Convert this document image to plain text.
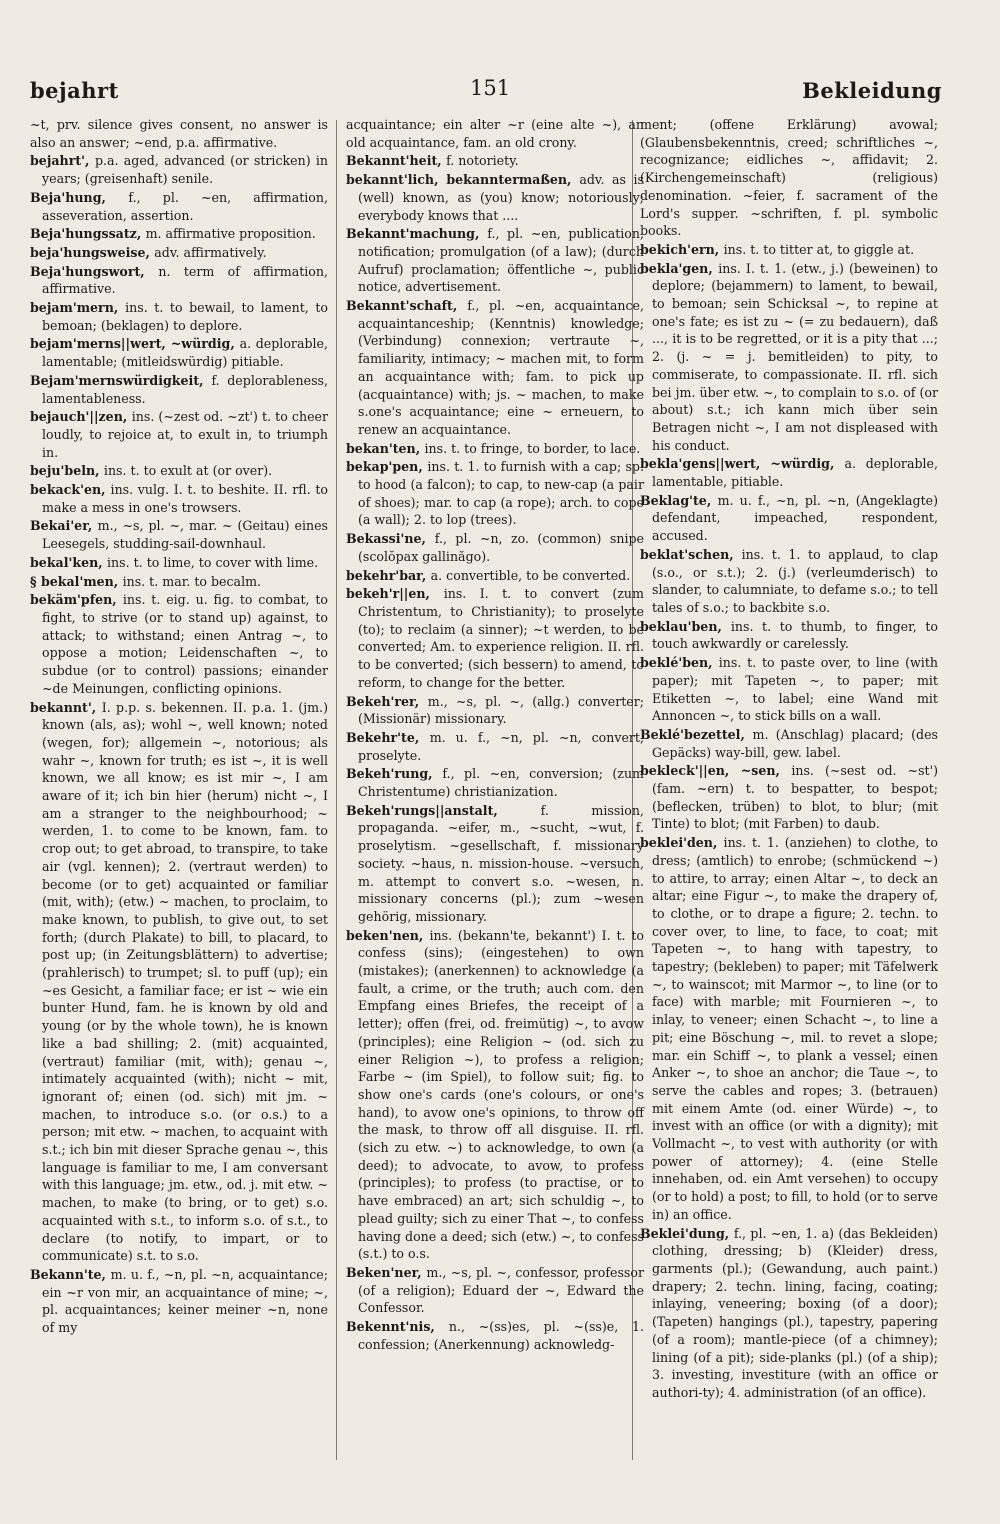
bejahrt	151	Bekleidung
~t, prv. silence gives consent, no answer is also an answer; ~end, p.a. affirmative.
bejahrt', p.a. aged, advanced (or stricken) in years; (greisenhaft) senile.
Beja'hung, f., pl. ~en, affirmation, asseveration, assertion.
Beja'hungssatz, m. affirmative proposition.
beja'hungsweise, adv. affirmatively.
Beja'hungswort, n. term of affirmation, affirmative.
bejam'mern, ins. t. to bewail, to lament, to bemoan; (beklagen) to deplore.
bejam'merns||wert, ~würdig, a. deplorable, lamentable; (mitleidswürdig) pitiable.
Bejam'mernswürdigkeit, f. deplorableness, lamentableness.
bejauch'||zen, ins. (~zest od. ~zt') t. to cheer loudly, to rejoice at, to exult in, to triumph in.
beju'beln, ins. t. to exult at (or over).
bekack'en, ins. vulg. I. t. to beshite. II. rfl. to make a mess in one's trowsers.
Bekai'er, m., ~s, pl. ~, mar. ~ (Geitau) eines Leesegels, studding-sail-downhaul.
bekal'ken, ins. t. to lime, to cover with lime.
§ bekal'men, ins. t. mar. to becalm.
bekäm'pfen, ins. t. eig. u. fig. to combat, to fight, to strive (or to stand up) against, to attack; to withstand; einen Antrag ~, to oppose a motion; Leidenschaften ~, to subdue (or to control) passions; einander ~de Meinungen, conflicting opinions.
bekannt', I. p.p. s. bekennen. II. p.a. 1. (jm.) known (als, as); wohl ~, well known; noted (wegen, for); allgemein ~, notorious; als wahr ~, known for truth; es ist ~, it is well known, we all know; es ist mir ~, I am aware of it; ich bin hier (herum) nicht ~, I am a stranger to the neighbourhood; ~ werden, 1. to come to be known, fam. to crop out; to get abroad, to transpire, to take air (vgl. kennen); 2. (vertraut werden) to become (or to get) acquainted or familiar (mit, with); (etw.) ~ machen, to proclaim, to make known, to publish, to give out, to set forth; (durch Plakate) to bill, to placard, to post up; (in Zeitungsblättern) to advertise; (prahlerisch) to trumpet; sl. to puff (up); ein ~es Gesicht, a familiar face; er ist ~ wie ein bunter Hund, fam. he is known by old and young (or by the whole town), he is known like a bad shilling; 2. (mit) acquainted, (vertraut) familiar (mit, with); genau ~, intimately acquainted (with); nicht ~ mit, ignorant of; einen (od. sich) mit jm. ~ machen, to introduce s.o. (or o.s.) to a person; mit etw. ~ machen, to acquaint with s.t.; ich bin mit dieser Sprache genau ~, this language is familiar to me, I am conversant with this language; jm. etw., od. j. mit etw. ~ machen, to make (to bring, or to get) s.o. acquainted with s.t., to inform s.o. of s.t., to declare (to notify, to impart, or to communicate) s.t. to s.o.
Bekann'te, m. u. f., ~n, pl. ~n, acquaintance; ein ~r von mir, an acquaintance of mine; ~, pl. acquaintances; keiner meiner ~n, none of my
acquaintance; ein alter ~r (eine alte ~), an old acquaintance, fam. an old crony.
Bekannt'heit, f. notoriety.
bekannt'lich, bekanntermaßen, adv. as is (well) known, as (you) know; notoriously; everybody knows that ....
Bekannt'machung, f., pl. ~en, publication, notification; promulgation (of a law); (durch Aufruf) proclamation; öffentliche ~, public notice, advertisement.
Bekannt'schaft, f., pl. ~en, acquaintance, acquaintanceship; (Kenntnis) knowledge; (Verbindung) connexion; vertraute ~, familiarity, intimacy; ~ machen mit, to form an acquaintance with; fam. to pick up (acquaintance) with; js. ~ machen, to make s.one's acquaintance; eine ~ erneuern, to renew an acquaintance.
bekan'ten, ins. t. to fringe, to border, to lace.
bekap'pen, ins. t. 1. to furnish with a cap; sp. to hood (a falcon); to cap, to new-cap (a pair of shoes); mar. to cap (a rope); arch. to cope (a wall); 2. to lop (trees).
Bekassi'ne, f., pl. ~n, zo. (common) snipe (scolŏpax gallinăgo).
bekehr'bar, a. convertible, to be converted.
bekeh'r||en, ins. I. t. to convert (zum Christentum, to Christianity); to proselyte (to); to reclaim (a sinner); ~t werden, to be converted; Am. to experience religion. II. rfl. to be converted; (sich bessern) to amend, to reform, to change for the better.
Bekeh'rer, m., ~s, pl. ~, (allg.) converter; (Missionär) missionary.
Bekehr'te, m. u. f., ~n, pl. ~n, convert, proselyte.
Bekeh'rung, f., pl. ~en, conversion; (zum Christentume) christianization.
Bekeh'rungs||anstalt, f. mission, propaganda. ~eifer, m., ~sucht, ~wut, f. proselytism. ~gesellschaft, f. missionary society. ~haus, n. mission-house. ~versuch, m. attempt to convert s.o. ~wesen, n. missionary concerns (pl.); zum ~wesen gehörig, missionary.
beken'nen, ins. (bekann'te, bekannt') I. t. to confess (sins); (eingestehen) to own (mistakes); (anerkennen) to acknowledge (a fault, a crime, or the truth; auch com. den Empfang eines Briefes, the receipt of a letter); offen (frei, od. freimütig) ~, to avow (principles); eine Religion ~ (od. sich zu einer Religion ~), to profess a religion; Farbe ~ (im Spiel), to follow suit; fig. to show one's cards (one's colours, or one's hand), to avow one's opinions, to throw off the mask, to throw off all disguise. II. rfl. (sich zu etw. ~) to acknowledge, to own (a deed); to advocate, to avow, to profess (principles); to profess (to practise, or to have embraced) an art; sich schuldig ~, to plead guilty; sich zu einer That ~, to confess having done a deed; sich (etw.) ~, to confess (s.t.) to o.s.
Beken'ner, m., ~s, pl. ~, confessor, professor (of a religion); Eduard der ~, Edward the Confessor.
Bekennt'nis, n., ~(ss)es, pl. ~(ss)e, 1. confession; (Anerkennung) acknowledg-
ment; (offene Erklärung) avowal; (Glaubensbekenntnis, creed; schriftliches ~, recognizance; eidliches ~, affidavit; 2. (Kirchengemeinschaft) (religious) denomination. ~feier, f. sacrament of the Lord's supper. ~schriften, f. pl. symbolic books.
bekich'ern, ins. t. to titter at, to giggle at.
bekla'gen, ins. I. t. 1. (etw., j.) (beweinen) to deplore; (bejammern) to lament, to bewail, to bemoan; sein Schicksal ~, to repine at one's fate; es ist zu ~ (= zu bedauern), daß ..., it is to be regretted, or it is a pity that ...; 2. (j. ~ = j. bemitleiden) to pity, to commiserate, to compassionate. II. rfl. sich bei jm. über etw. ~, to complain to s.o. of (or about) s.t.; ich kann mich über sein Betragen nicht ~, I am not displeased with his conduct.
bekla'gens||wert, ~würdig, a. deplorable, lamentable, pitiable.
Beklag'te, m. u. f., ~n, pl. ~n, (Angeklagte) defendant, impeached, respondent, accused.
beklat'schen, ins. t. 1. to applaud, to clap (s.o., or s.t.); 2. (j.) (verleumderisch) to slander, to calumniate, to defame s.o.; to tell tales of s.o.; to backbite s.o.
beklau'ben, ins. t. to thumb, to finger, to touch awkwardly or carelessly.
beklé'ben, ins. t. to paste over, to line (with paper); mit Tapeten ~, to paper; mit Etiketten ~, to label; eine Wand mit Annoncen ~, to stick bills on a wall.
Beklé'bezettel, m. (Anschlag) placard; (des Gepäcks) way-bill, gew. label.
bekleck'||en, ~sen, ins. (~sest od. ~st') (fam. ~ern) t. to bespatter, to bespot; (beflecken, trüben) to blot, to blur; (mit Tinte) to blot; (mit Farben) to daub.
beklei'den, ins. t. 1. (anziehen) to clothe, to dress; (amtlich) to enrobe; (schmückend ~) to attire, to array; einen Altar ~, to deck an altar; eine Figur ~, to make the drapery of, to clothe, or to drape a figure; 2. techn. to cover over, to line, to face, to coat; mit Tapeten ~, to hang with tapestry, to tapestry; (bekleben) to paper; mit Täfelwerk ~, to wainscot; mit Marmor ~, to line (or to face) with marble; mit Fournieren ~, to inlay, to veneer; einen Schacht ~, to line a pit; eine Böschung ~, mil. to revet a slope; mar. ein Schiff ~, to plank a vessel; einen Anker ~, to shoe an anchor; die Taue ~, to serve the cables and ropes; 3. (betrauen) mit einem Amte (od. einer Würde) ~, to invest with an office (or with a dignity); mit Vollmacht ~, to vest with authority (or with power of attorney); 4. (eine Stelle innehaben, od. ein Amt versehen) to occupy (or to hold) a post; to fill, to hold (or to serve in) an office.
Beklei'dung, f., pl. ~en, 1. a) (das Bekleiden) clothing, dressing; b) (Kleider) dress, garments (pl.); (Gewandung, auch paint.) drapery; 2. techn. lining, facing, coating; inlaying, veneering; boxing (of a door); (Tapeten) hangings (pl.), tapestry, papering (of a room); mantle-piece (of a chimney); lining (of a pit); side-planks (pl.) (of a ship); 3. investing, investiture (with an office or authori-ty); 4. administration (of an office).
